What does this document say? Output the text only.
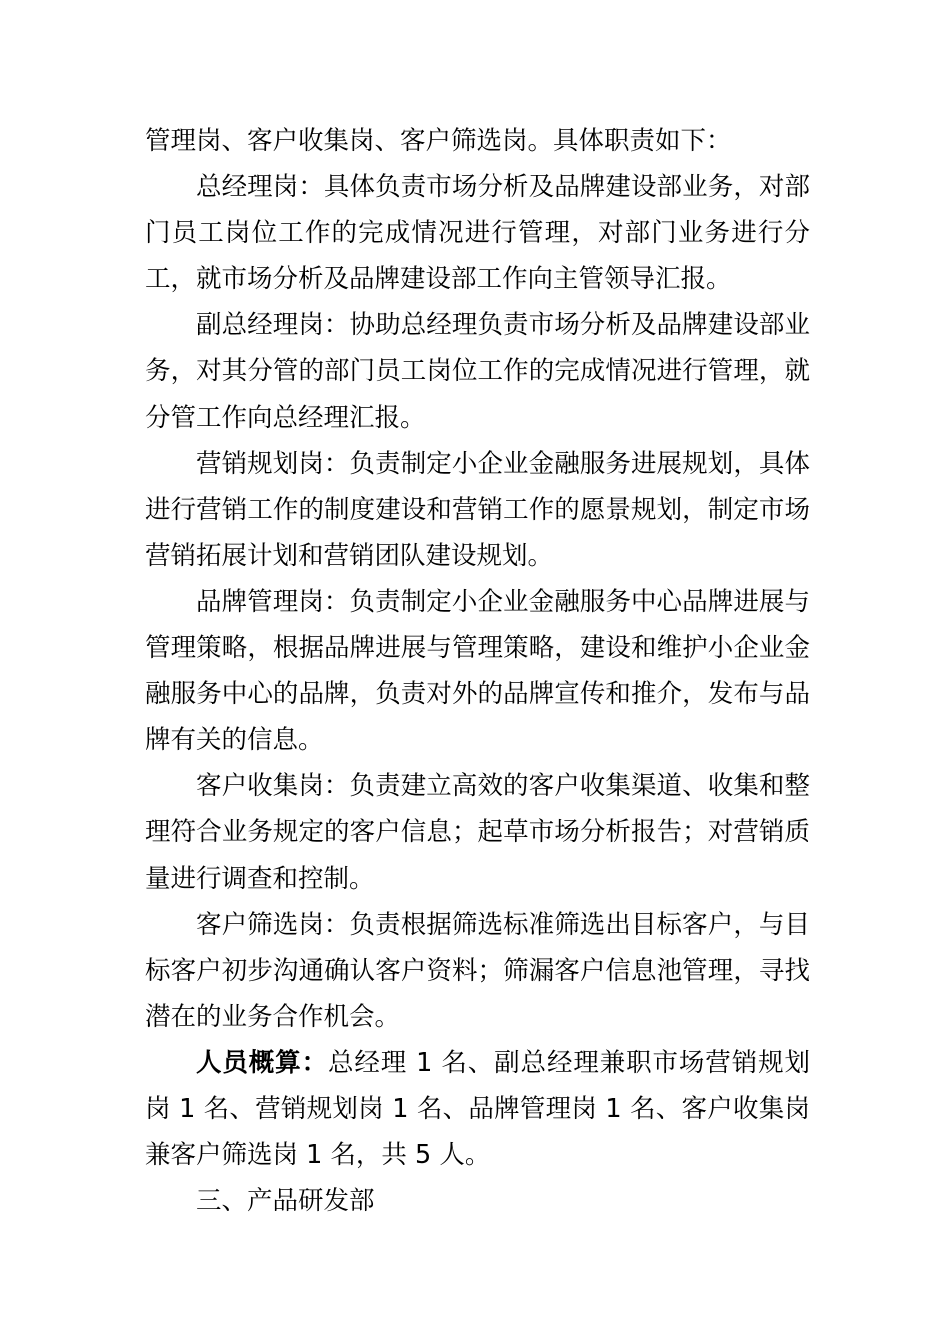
管理岗、客户收集岗、客户筛选岗。具体职责如下：

总经理岗：具体负责市场分析及品牌建设部业务，对部门员工岗位工作的完成情况进行管理，对部门业务进行分工，就市场分析及品牌建设部工作向主管领导汇报。

副总经理岗：协助总经理负责市场分析及品牌建设部业务，对其分管的部门员工岗位工作的完成情况进行管理，就分管工作向总经理汇报。

营销规划岗：负责制定小企业金融服务进展规划，具体进行营销工作的制度建设和营销工作的愿景规划，制定市场营销拓展计划和营销团队建设规划。

品牌管理岗：负责制定小企业金融服务中心品牌进展与管理策略，根据品牌进展与管理策略，建设和维护小企业金融服务中心的品牌，负责对外的品牌宣传和推介，发布与品牌有关的信息。

客户收集岗：负责建立高效的客户收集渠道、收集和整理符合业务规定的客户信息；起草市场分析报告；对营销质量进行调查和控制。

客户筛选岗：负责根据筛选标准筛选出目标客户，与目标客户初步沟通确认客户资料；筛漏客户信息池管理，寻找潜在的业务合作机会。

人员概算：总经理 1 名、副总经理兼职市场营销规划岗 1 名、营销规划岗 1 名、品牌管理岗 1 名、客户收集岗兼客户筛选岗 1 名，共 5 人。

三、产品研发部
